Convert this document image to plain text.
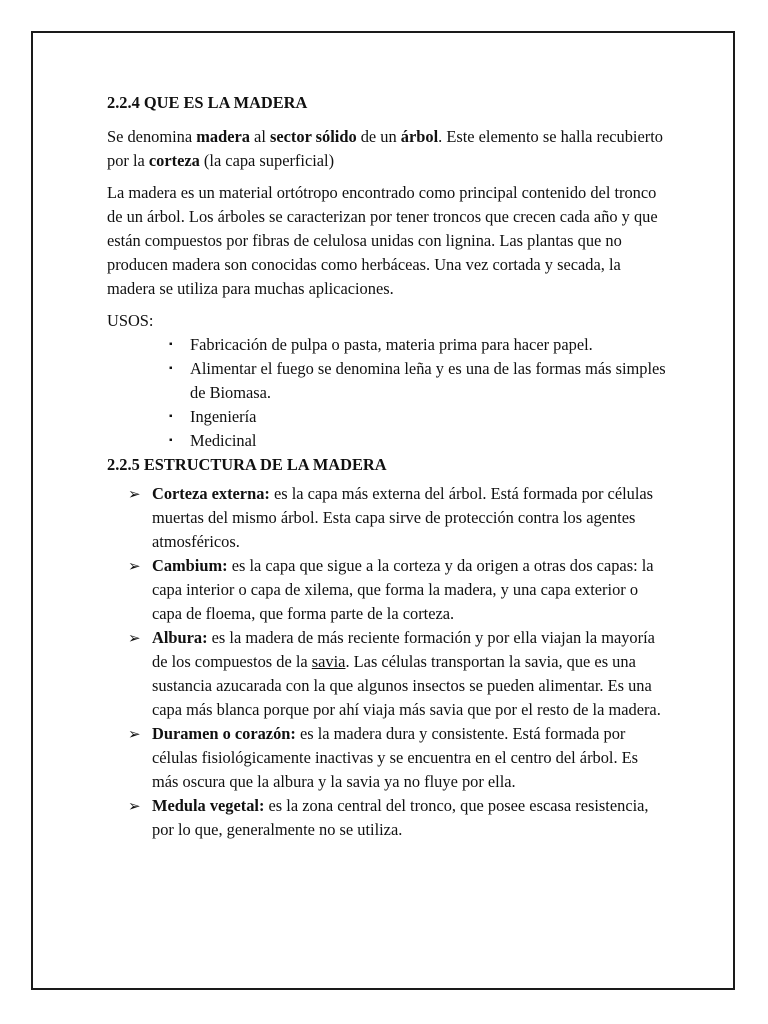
2.2.4 QUE ES LA MADERA

Se denomina madera al sector sólido de un árbol. Este elemento se halla recubierto por la corteza (la capa superficial)

La madera es un material ortótropo encontrado como principal contenido del tronco de un árbol. Los árboles se caracterizan por tener troncos que crecen cada año y que están compuestos por fibras de celulosa unidas con lignina. Las plantas que no producen madera son conocidas como herbáceas. Una vez cortada y secada, la madera se utiliza para muchas aplicaciones.

USOS:

▪ Fabricación de pulpa o pasta, materia prima para hacer papel.
▪ Alimentar el fuego se denomina leña y es una de las formas más simples de Biomasa.
▪ Ingeniería
▪ Medicinal
2.2.5 ESTRUCTURA DE LA MADERA
➢ Corteza externa: es la capa más externa del árbol. Está formada por células muertas del mismo árbol. Esta capa sirve de protección contra los agentes atmosféricos.
➢ Cambium: es la capa que sigue a la corteza y da origen a otras dos capas: la capa interior o capa de xilema, que forma la madera, y una capa exterior o capa de floema, que forma parte de la corteza.
➢ Albura: es la madera de más reciente formación y por ella viajan la mayoría de los compuestos de la savia. Las células transportan la savia, que es una sustancia azucarada con la que algunos insectos se pueden alimentar. Es una capa más blanca porque por ahí viaja más savia que por el resto de la madera.
➢ Duramen o corazón: es la madera dura y consistente. Está formada por células fisiológicamente inactivas y se encuentra en el centro del árbol. Es más oscura que la albura y la savia ya no fluye por ella.
➢ Medula vegetal: es la zona central del tronco, que posee escasa resistencia, por lo que, generalmente no se utiliza.
